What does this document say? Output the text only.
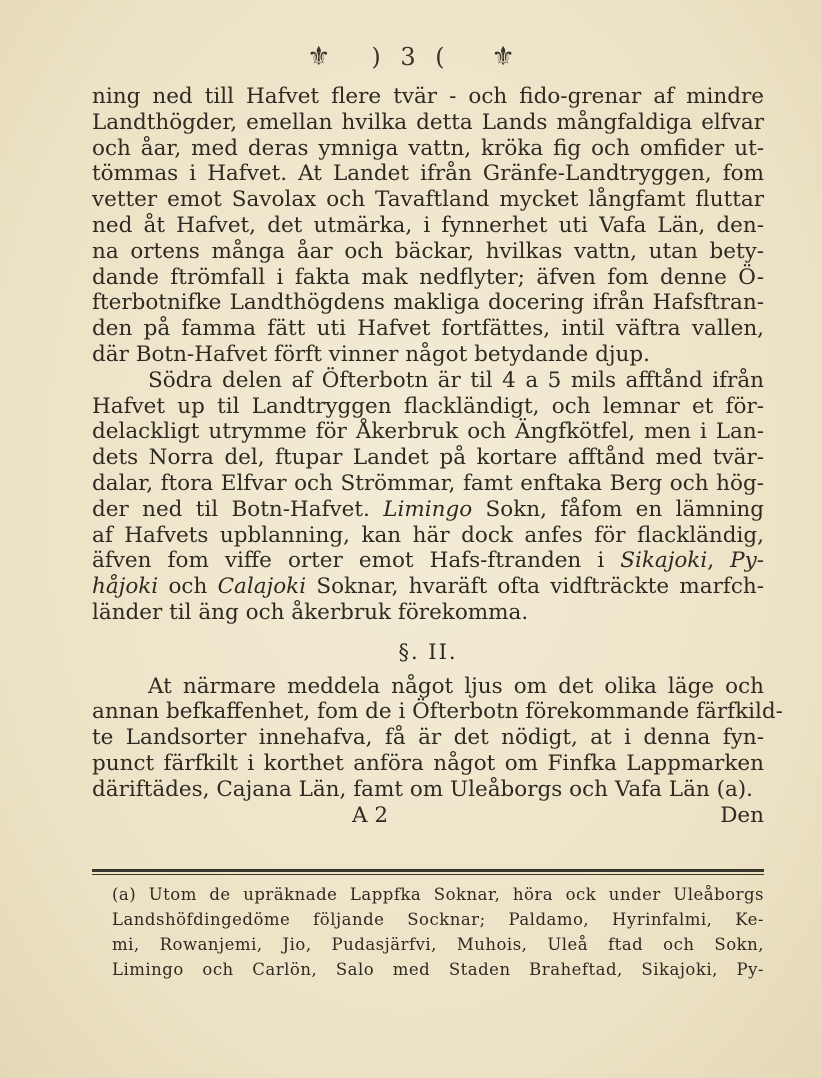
⚜ ) 3 ( ⚜
ning ned till Hafvet flere tvär - och fido-grenar af mindre
Landthögder, emellan hvilka detta Lands mångfaldiga elfvar
och åar, med deras ymniga vattn, kröka fig och omfider ut-
tömmas i Hafvet. At Landet ifrån Gränfe-Landtryggen, fom
vetter emot Savolax och Tavaftland mycket långfamt fluttar
ned åt Hafvet, det utmärka, i fynnerhet uti Vafa Län, den-
na ortens många åar och bäckar, hvilkas vattn, utan bety-
dande ftrömfall i fakta mak nedflyter; äfven fom denne Ö-
fterbotnifke Landthögdens makliga docering ifrån Hafsftran-
den på famma fätt uti Hafvet fortfättes, intil väftra vallen,
där Botn-Hafvet förft vinner något betydande djup.
Södra delen af Öfterbotn är til 4 a 5 mils afftånd ifrån
Hafvet up til Landtryggen flackländigt, och lemnar et för-
delackligt utrymme för Åkerbruk och Ängfkötfel, men i Lan-
dets Norra del, ftupar Landet på kortare afftånd med tvär-
dalar, ftora Elfvar och Strömmar, famt enftaka Berg och hög-
der ned til Botn-Hafvet. Limingo Sokn, fåfom en lämning
af Hafvets upblanning, kan här dock anfes för flackländig,
äfven fom viffe orter emot Hafs-ftranden i Sikajoki, Py-
håjoki och Calajoki Soknar, hvaräft ofta vidfträckte marfch-
länder til äng och åkerbruk förekomma.
§. II.
At närmare meddela något ljus om det olika läge och
annan befkaffenhet, fom de i Öfterbotn förekommande färfkild-
te Landsorter innehafva, få är det nödigt, at i denna fyn-
punct färfkilt i korthet anföra något om Finfka Lappmarken
däriftädes, Cajana Län, famt om Uleåborgs och Vafa Län (a).
A 2	Den
(a) Utom de upräknade Lappfka Soknar, höra ock under Uleåborgs
Landshöfdingedöme följande Socknar; Paldamo, Hyrinfalmi, Ke-
mi, Rowanjemi, Jio, Pudasjärfvi, Muhois, Uleå ftad och Sokn,
Limingo och Carlön, Salo med Staden Braheftad, Sikajoki, Py-
